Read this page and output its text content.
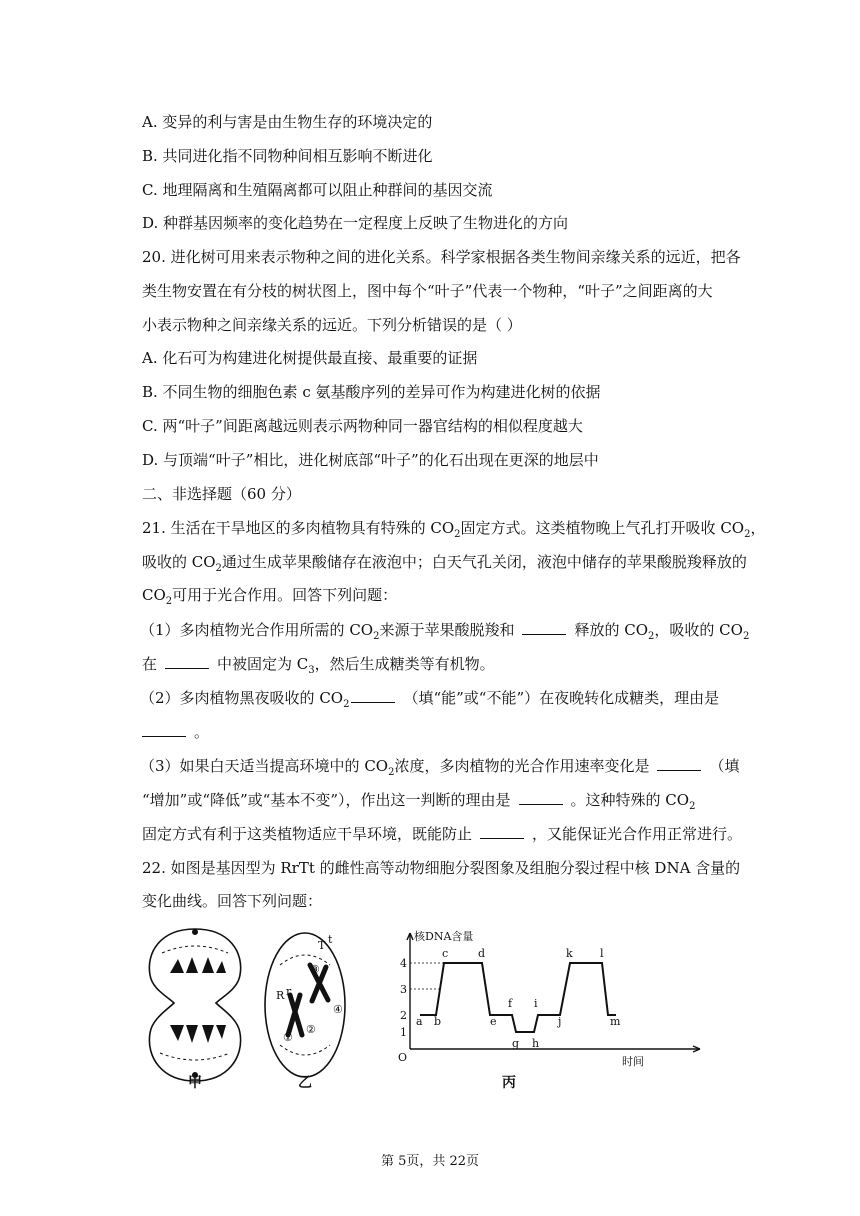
A. 变异的利与害是由生物生存的环境决定的
B. 共同进化指不同物种间相互影响不断进化
C. 地理隔离和生殖隔离都可以阻止种群间的基因交流
D. 种群基因频率的变化趋势在一定程度上反映了生物进化的方向
20. 进化树可用来表示物种之间的进化关系。科学家根据各类生物间亲缘关系的远近，把各
类生物安置在有分枝的树状图上，图中每个“叶子”代表一个物种，“叶子”之间距离的大
小表示物种之间亲缘关系的远近。下列分析错误的是（ ）
A. 化石可为构建进化树提供最直接、最重要的证据
B. 不同生物的细胞色素 c 氨基酸序列的差异可作为构建进化树的依据
C. 两“叶子”间距离越远则表示两物种同一器官结构的相似程度越大
D. 与顶端“叶子”相比，进化树底部“叶子”的化石出现在更深的地层中
二、非选择题（60 分）
21. 生活在干旱地区的多肉植物具有特殊的 $CO_2$固定方式。这类植物晚上气孔打开吸收 $CO_2$，
吸收的 $CO_2$通过生成苹果酸储存在液泡中；白天气孔关闭，液泡中储存的苹果酸脱羧释放的
$CO_2$可用于光合作用。回答下列问题：
（1）多肉植物光合作用所需的 $CO_2$来源于苹果酸脱羧和	释放的 $CO_2$，吸收的 $CO_2$
在	中被固定为 $C_3$，然后生成糖类等有机物。
（2）多肉植物黑夜吸收的 $CO_2$	（填“能”或“不能”）在夜晚转化成糖类，理由是
。
（3）如果白天适当提高环境中的 $CO_2$浓度，多肉植物的光合作用速率变化是	（填
“增加”或“降低”或“基本不变”），作出这一判断的理由是	。这种特殊的 $CO_2$
固定方式有利于这类植物适应干旱环境，既能防止	，又能保证光合作用正常进行。
22. 如图是基因型为 RrTt 的雌性高等动物细胞分裂图象及组胞分裂过程中核 DNA 含量的
变化曲线。回答下列问题：
T t
R r
①
②
③
④
甲	乙	丙
核DNA含量
时间
O
1
2
3
4
a b
c	d
e
f
g h
i
j
k l
m
第 5页，共 22页
